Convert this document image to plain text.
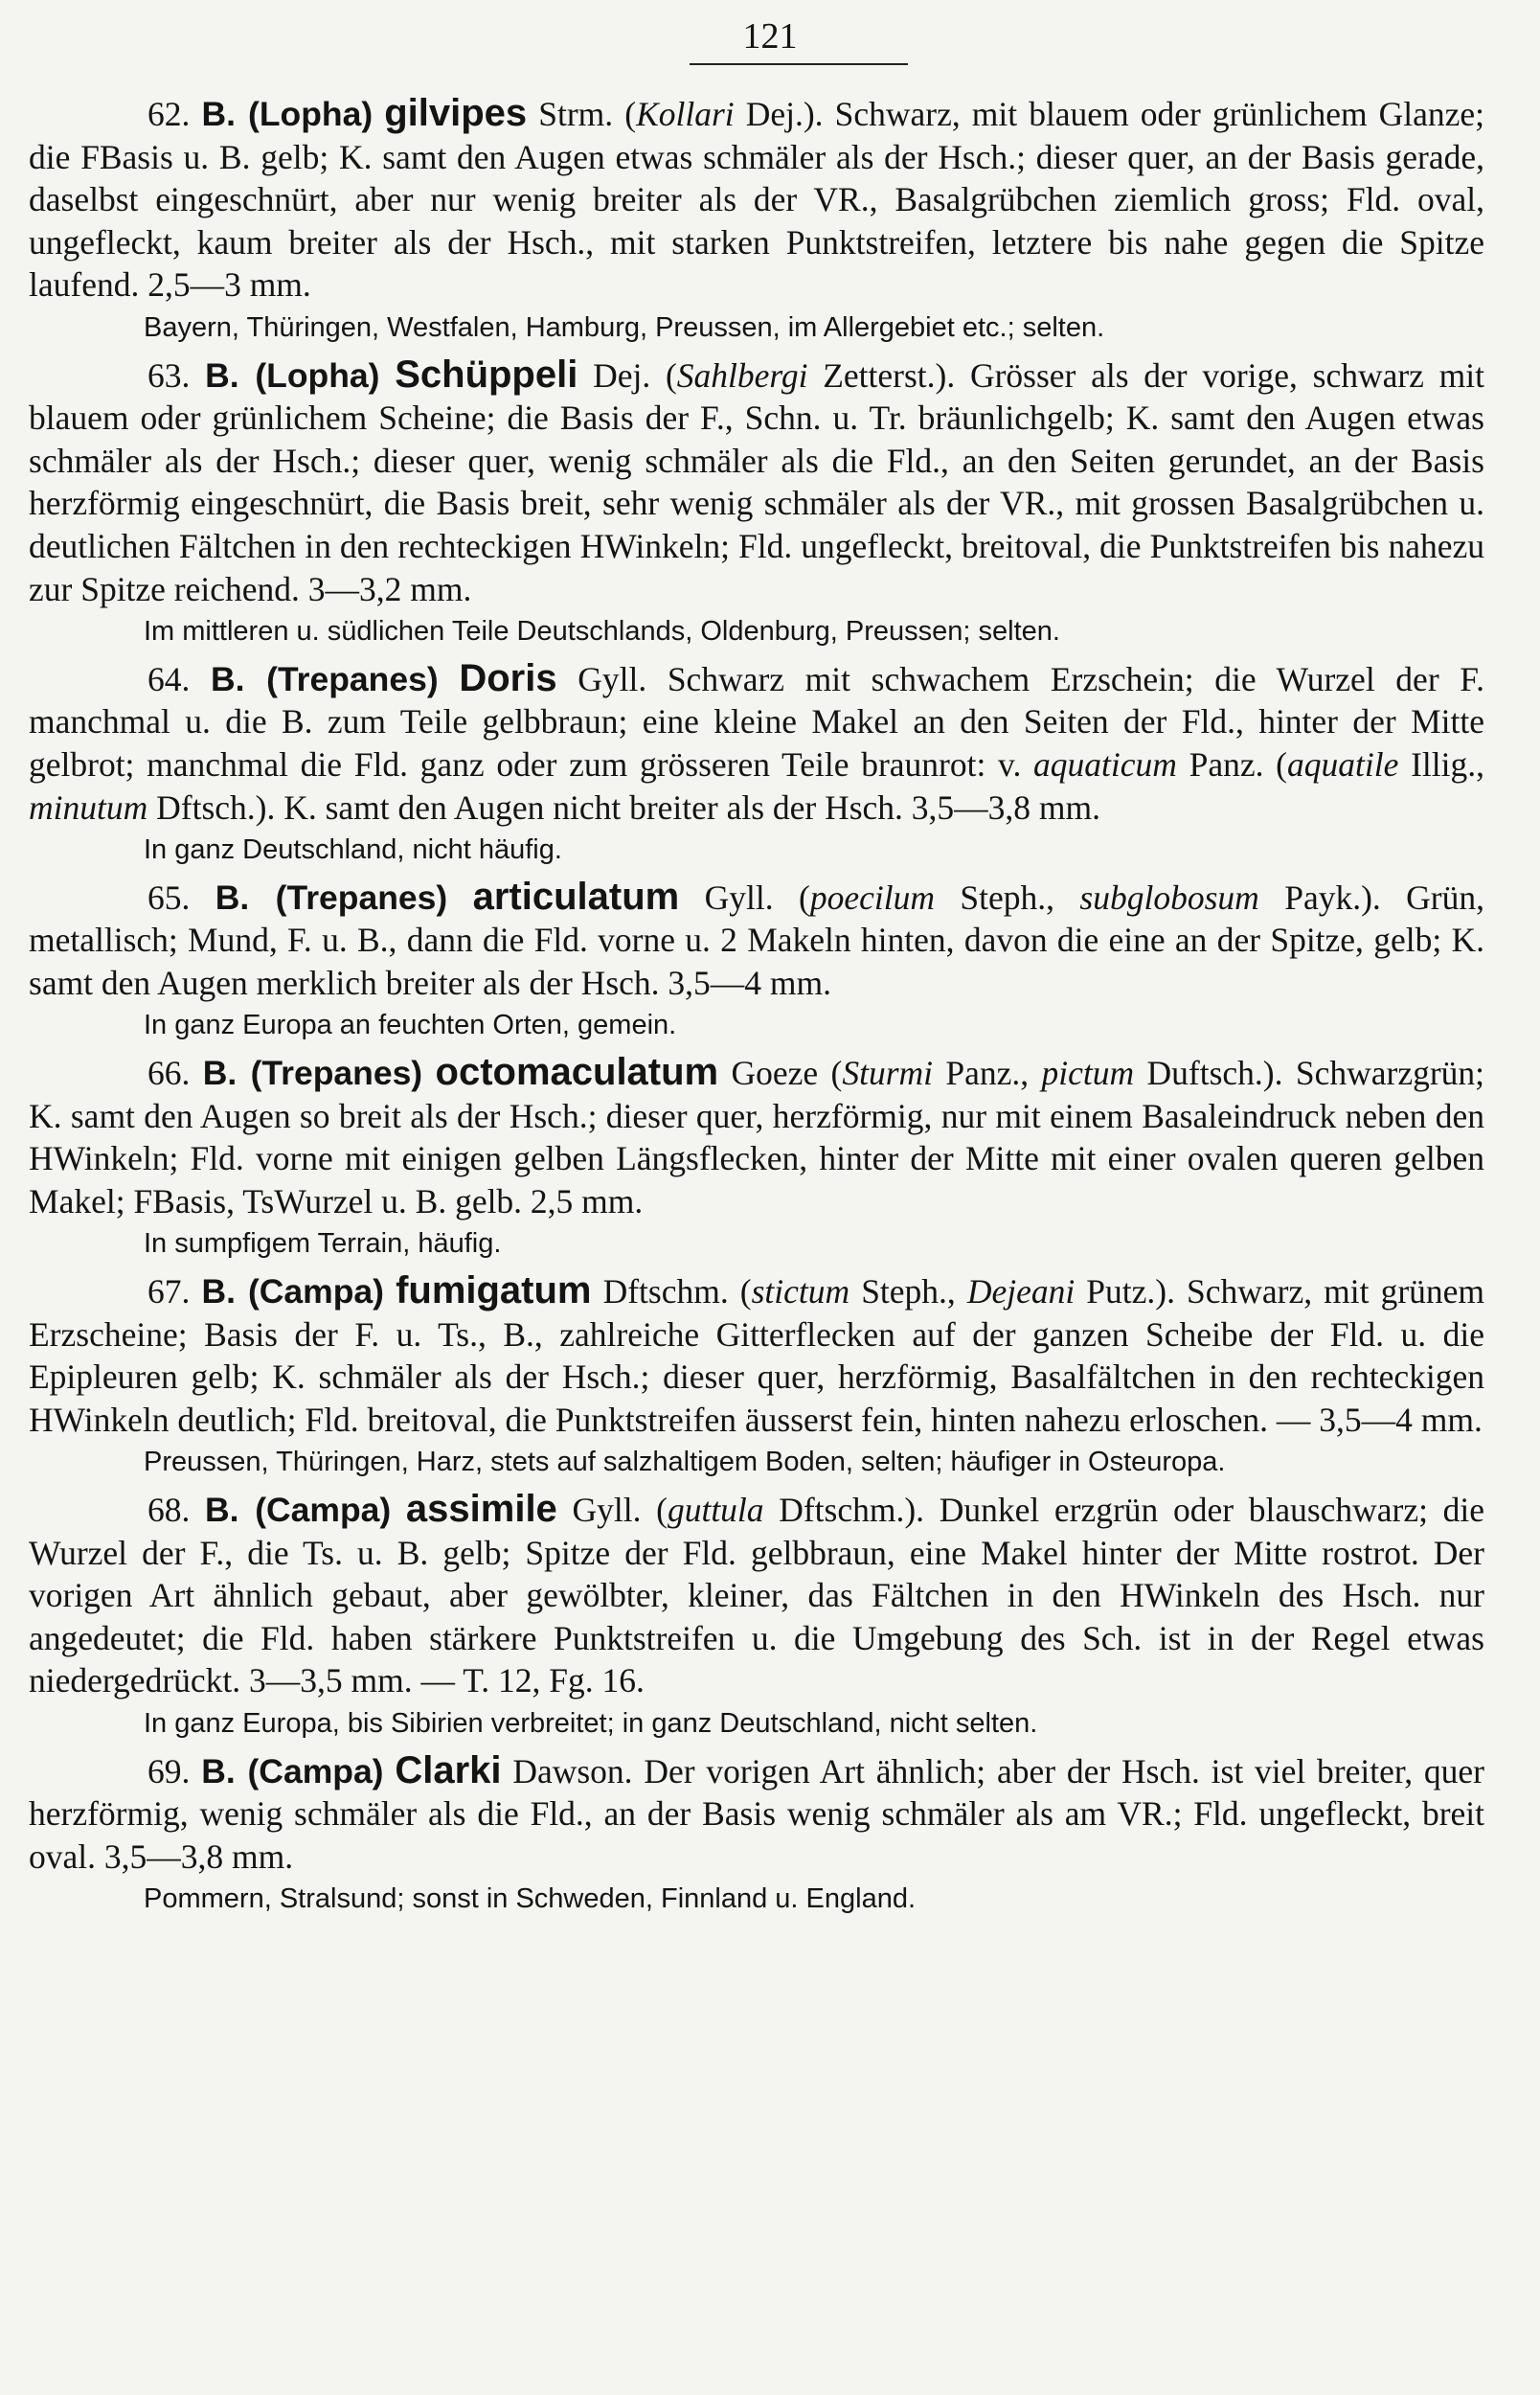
121

62. B. (Lopha) gilvipes Strm. (Kollari Dej.). Schwarz, mit blauem oder grünlichem Glanze; die FBasis u. B. gelb; K. samt den Augen etwas schmäler als der Hsch.; dieser quer, an der Basis gerade, daselbst eingeschnürt, aber nur wenig breiter als der VR., Basalgrübchen ziemlich gross; Fld. oval, ungefleckt, kaum breiter als der Hsch., mit starken Punktstreifen, letztere bis nahe gegen die Spitze laufend. 2,5—3 mm.

Bayern, Thüringen, Westfalen, Hamburg, Preussen, im Allergebiet etc.; selten.

63. B. (Lopha) Schüppeli Dej. (Sahlbergi Zetterst.). Grösser als der vorige, schwarz mit blauem oder grünlichem Scheine; die Basis der F., Schn. u. Tr. bräunlichgelb; K. samt den Augen etwas schmäler als der Hsch.; dieser quer, wenig schmäler als die Fld., an den Seiten gerundet, an der Basis herzförmig eingeschnürt, die Basis breit, sehr wenig schmäler als der VR., mit grossen Basalgrübchen u. deutlichen Fältchen in den rechteckigen HWinkeln; Fld. ungefleckt, breitoval, die Punktstreifen bis nahezu zur Spitze reichend. 3—3,2 mm.

Im mittleren u. südlichen Teile Deutschlands, Oldenburg, Preussen; selten.

64. B. (Trepanes) Doris Gyll. Schwarz mit schwachem Erzschein; die Wurzel der F. manchmal u. die B. zum Teile gelbbraun; eine kleine Makel an den Seiten der Fld., hinter der Mitte gelbrot; manchmal die Fld. ganz oder zum grösseren Teile braunrot: v. aquaticum Panz. (aquatile Illig., minutum Dftsch.). K. samt den Augen nicht breiter als der Hsch. 3,5—3,8 mm.

In ganz Deutschland, nicht häufig.

65. B. (Trepanes) articulatum Gyll. (poecilum Steph., subglobosum Payk.). Grün, metallisch; Mund, F. u. B., dann die Fld. vorne u. 2 Makeln hinten, davon die eine an der Spitze, gelb; K. samt den Augen merklich breiter als der Hsch. 3,5—4 mm.

In ganz Europa an feuchten Orten, gemein.

66. B. (Trepanes) octomaculatum Goeze (Sturmi Panz., pictum Duftsch.). Schwarzgrün; K. samt den Augen so breit als der Hsch.; dieser quer, herzförmig, nur mit einem Basaleindruck neben den HWinkeln; Fld. vorne mit einigen gelben Längsflecken, hinter der Mitte mit einer ovalen queren gelben Makel; FBasis, TsWurzel u. B. gelb. 2,5 mm.

In sumpfigem Terrain, häufig.

67. B. (Campa) fumigatum Dftschm. (stictum Steph., Dejeani Putz.). Schwarz, mit grünem Erzscheine; Basis der F. u. Ts., B., zahlreiche Gitterflecken auf der ganzen Scheibe der Fld. u. die Epipleuren gelb; K. schmäler als der Hsch.; dieser quer, herzförmig, Basalfältchen in den rechteckigen HWinkeln deutlich; Fld. breitoval, die Punktstreifen äusserst fein, hinten nahezu erloschen. — 3,5—4 mm.

Preussen, Thüringen, Harz, stets auf salzhaltigem Boden, selten; häufiger in Osteuropa.

68. B. (Campa) assimile Gyll. (guttula Dftschm.). Dunkel erzgrün oder blauschwarz; die Wurzel der F., die Ts. u. B. gelb; Spitze der Fld. gelbbraun, eine Makel hinter der Mitte rostrot. Der vorigen Art ähnlich gebaut, aber gewölbter, kleiner, das Fältchen in den HWinkeln des Hsch. nur angedeutet; die Fld. haben stärkere Punktstreifen u. die Umgebung des Sch. ist in der Regel etwas niedergedrückt. 3—3,5 mm. — T. 12, Fg. 16.

In ganz Europa, bis Sibirien verbreitet; in ganz Deutschland, nicht selten.

69. B. (Campa) Clarki Dawson. Der vorigen Art ähnlich; aber der Hsch. ist viel breiter, quer herzförmig, wenig schmäler als die Fld., an der Basis wenig schmäler als am VR.; Fld. ungefleckt, breit oval. 3,5—3,8 mm.

Pommern, Stralsund; sonst in Schweden, Finnland u. England.
